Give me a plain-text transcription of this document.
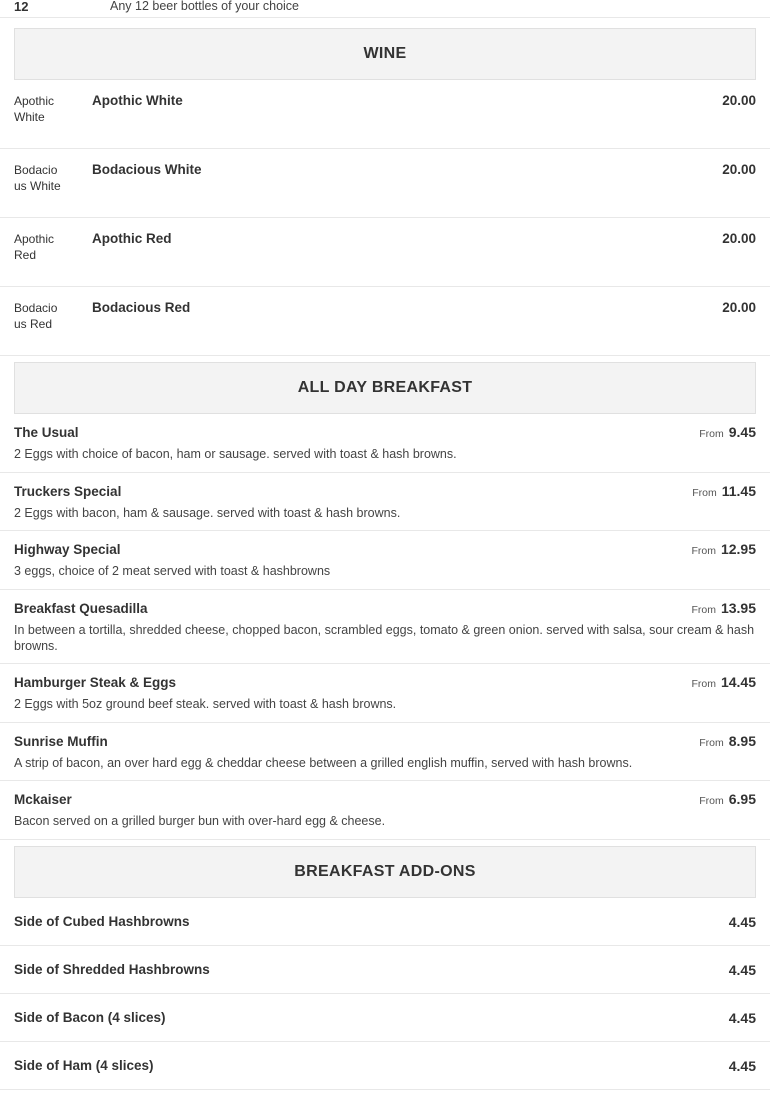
12	Any 12 beer bottles of your choice
WINE
Apothic White
Apothic White	20.00
Bodacious White
Bodacious White	20.00
Apothic Red
Apothic Red	20.00
Bodacious Red
Bodacious Red	20.00
ALL DAY BREAKFAST
The Usual	From 9.45
2 Eggs with choice of bacon, ham or sausage. served with toast & hash browns.
Truckers Special	From 11.45
2 Eggs with bacon, ham & sausage. served with toast & hash browns.
Highway Special	From 12.95
3 eggs, choice of 2 meat served with toast & hashbrowns
Breakfast Quesadilla	From 13.95
In between a tortilla, shredded cheese, chopped bacon, scrambled eggs, tomato & green onion. served with salsa, sour cream & hash browns.
Hamburger Steak & Eggs	From 14.45
2 Eggs with 5oz ground beef steak. served with toast & hash browns.
Sunrise Muffin	From 8.95
A strip of bacon, an over hard egg & cheddar cheese between a grilled english muffin, served with hash browns.
Mckaiser	From 6.95
Bacon served on a grilled burger bun with over-hard egg & cheese.
BREAKFAST ADD-ONS
Side of Cubed Hashbrowns	4.45
Side of Shredded Hashbrowns	4.45
Side of Bacon (4 slices)	4.45
Side of Ham (4 slices)	4.45
